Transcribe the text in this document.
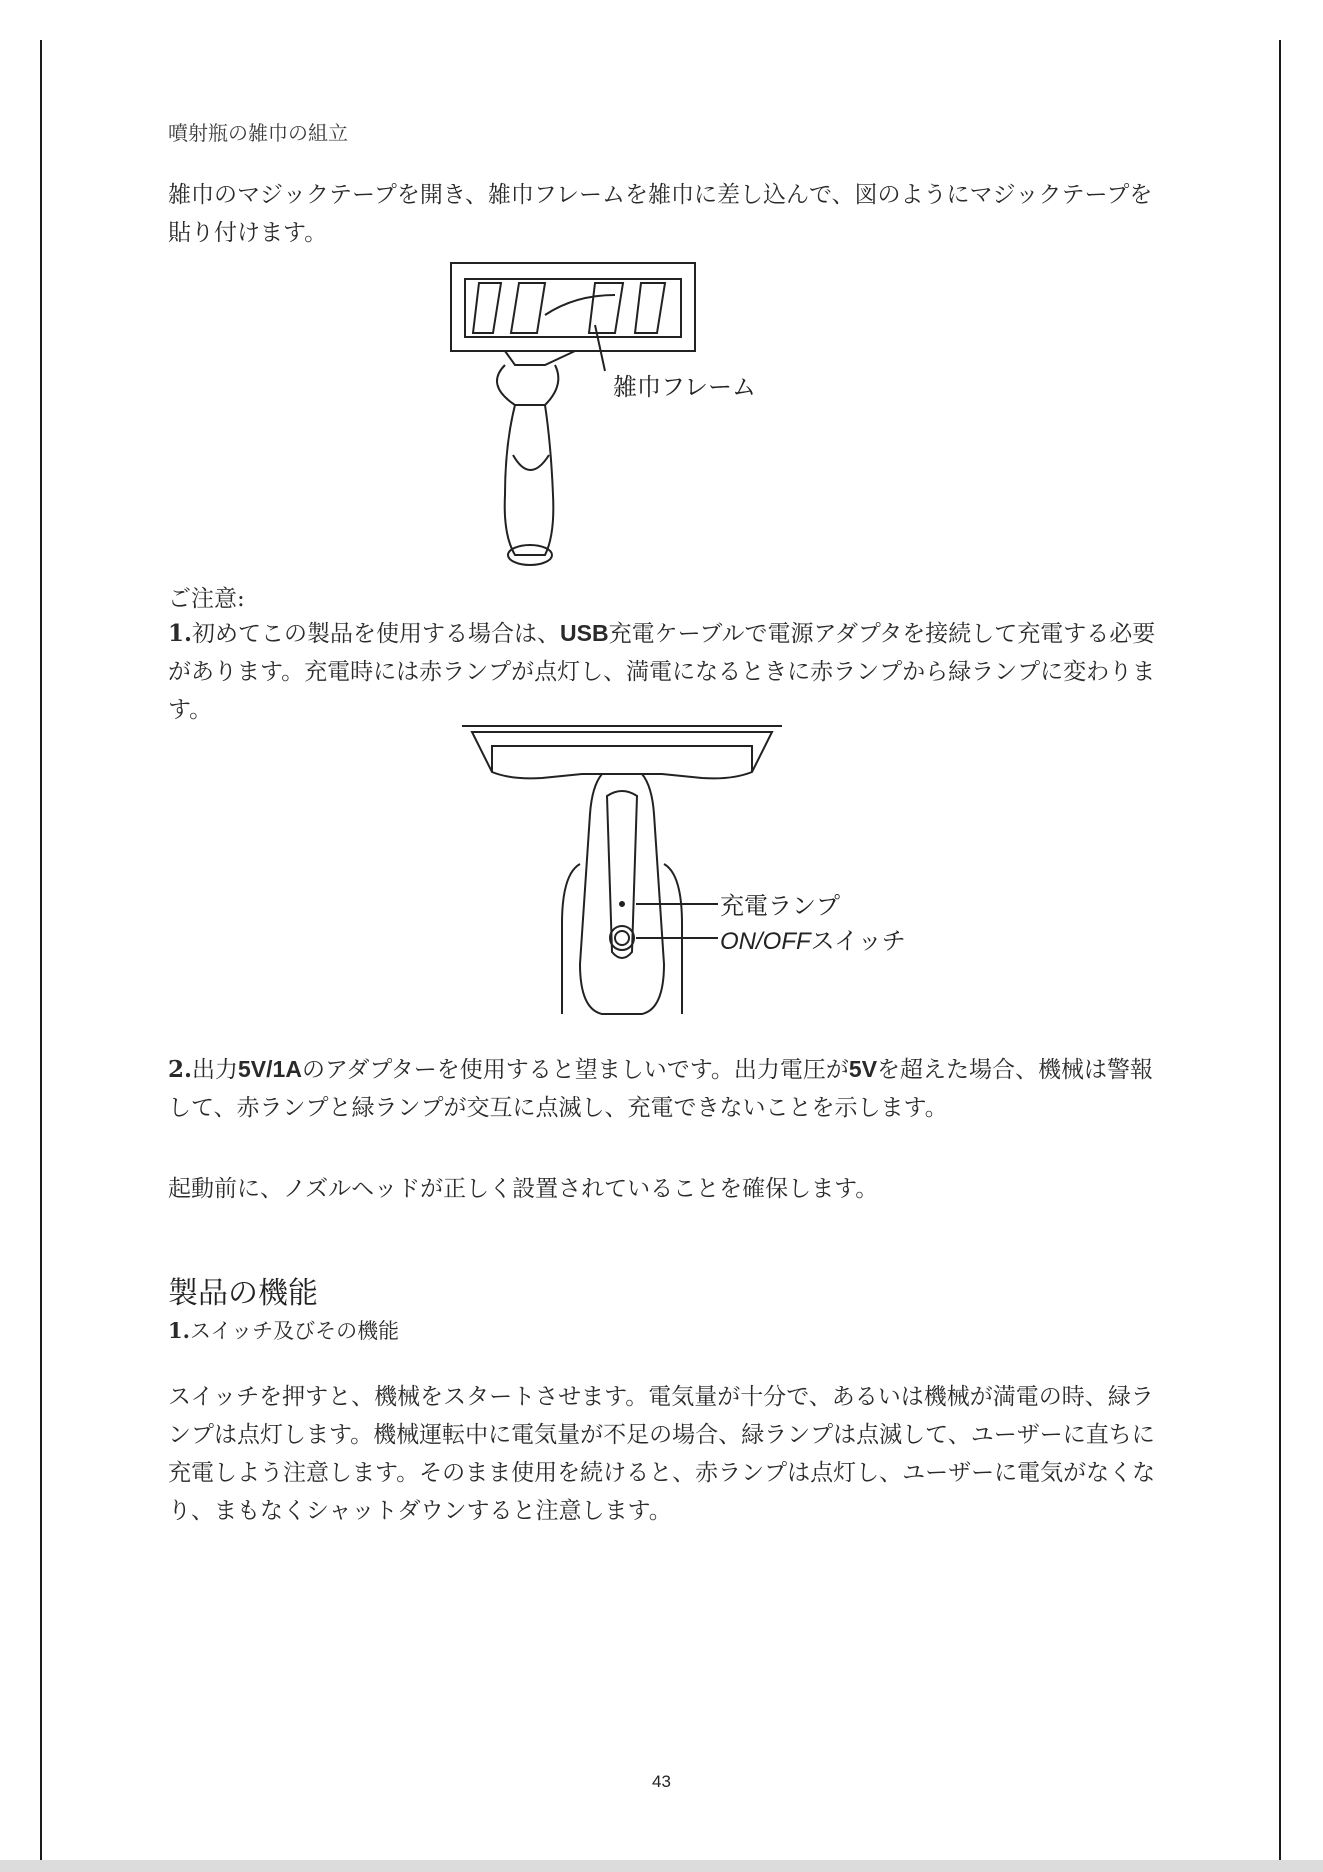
噴射瓶の雑巾の組立

雑巾のマジックテープを開き、雑巾フレームを雑巾に差し込んで、図のようにマジックテープを貼り付けます。

雑巾フレーム

ご注意:

1.初めてこの製品を使用する場合は、USB充電ケーブルで電源アダプタを接続して充電する必要があります。充電時には赤ランプが点灯し、満電になるときに赤ランプから緑ランプに変わります。

充電ランプ
ON/OFFスイッチ

2.出力5V/1Aのアダプターを使用すると望ましいです。出力電圧が5Vを超えた場合、機械は警報して、赤ランプと緑ランプが交互に点滅し、充電できないことを示します。

起動前に、ノズルヘッドが正しく設置されていることを確保します。

製品の機能

1.スイッチ及びその機能

スイッチを押すと、機械をスタートさせます。電気量が十分で、あるいは機械が満電の時、緑ランプは点灯します。機械運転中に電気量が不足の場合、緑ランプは点滅して、ユーザーに直ちに充電しよう注意します。そのまま使用を続けると、赤ランプは点灯し、ユーザーに電気がなくなり、まもなくシャットダウンすると注意します。

43
